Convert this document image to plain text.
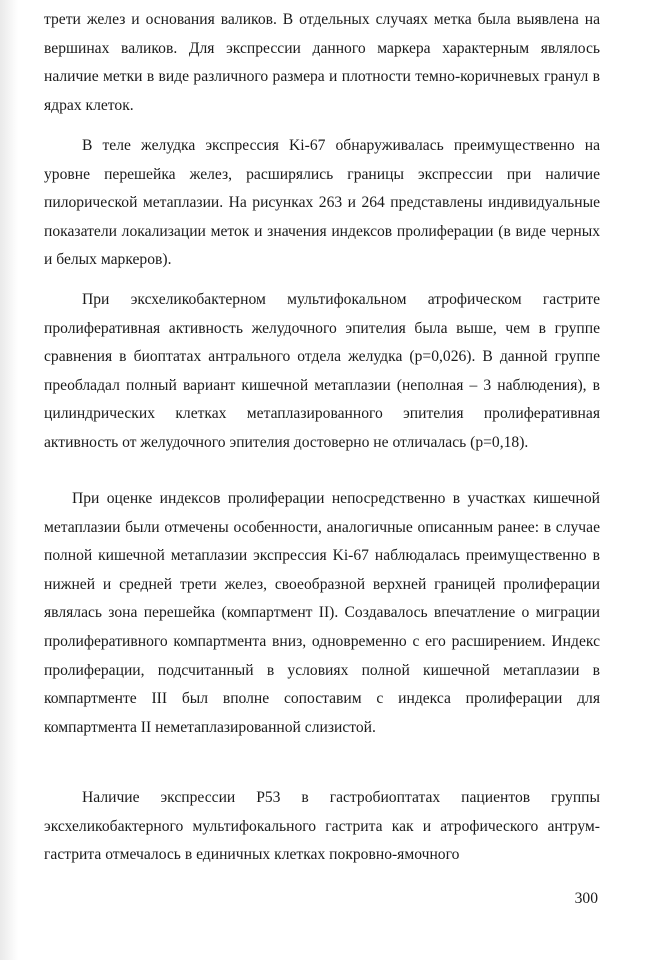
трети желез и основания валиков. В отдельных случаях метка была выявлена на вершинах валиков. Для экспрессии данного маркера характерным являлось наличие метки в виде различного размера и плотности темно-коричневых гранул в ядрах клеток.

В теле желудка экспрессия Ki-67 обнаруживалась преимущественно на уровне перешейка желез, расширялись границы экспрессии при наличие пилорической метаплазии. На рисунках 263 и 264 представлены индивидуальные показатели локализации меток и значения индексов пролиферации (в виде черных и белых маркеров).

При эксхеликобактерном мультифокальном атрофическом гастрите пролиферативная активность желудочного эпителия была выше, чем в группе сравнения в биоптатах антрального отдела желудка (p=0,026). В данной группе преобладал полный вариант кишечной метаплазии (неполная – 3 наблюдения), в цилиндрических клетках метаплазированного эпителия пролиферативная активность от желудочного эпителия достоверно не отличалась (p=0,18).

При оценке индексов пролиферации непосредственно в участках кишечной метаплазии были отмечены особенности, аналогичные описанным ранее: в случае полной кишечной метаплазии экспрессия Ki-67 наблюдалась преимущественно в нижней и средней трети желез, своеобразной верхней границей пролиферации являлась зона перешейка (компартмент II). Создавалось впечатление о миграции пролиферативного компартмента вниз, одновременно с его расширением. Индекс пролиферации, подсчитанный в условиях полной кишечной метаплазии в компартменте III был вполне сопоставим с индекса пролиферации для компартмента II неметаплазированной слизистой.

Наличие экспрессии P53 в гастробиоптатах пациентов группы эксхеликобактерного мультифокального гастрита как и атрофического антрум-гастрита отмечалось в единичных клетках покровно-ямочного

300
